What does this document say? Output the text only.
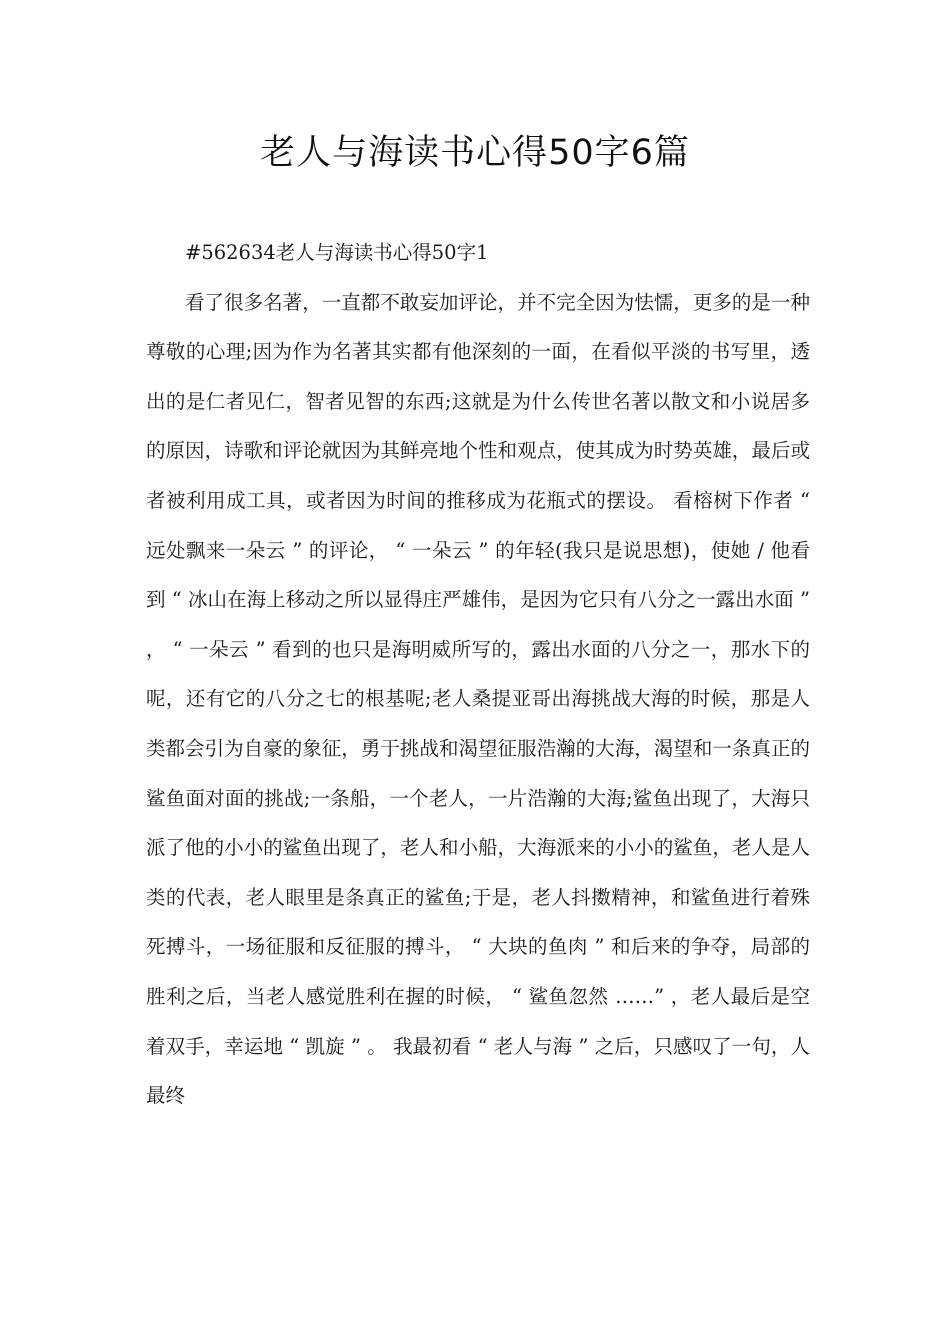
老人与海读书心得50字6篇

#562634老人与海读书心得50字1

看了很多名著，一直都不敢妄加评论，并不完全因为怯懦，更多的是一种尊敬的心理;因为作为名著其实都有他深刻的一面，在看似平淡的书写里，透出的是仁者见仁，智者见智的东西;这就是为什么传世名著以散文和小说居多的原因，诗歌和评论就因为其鲜亮地个性和观点，使其成为时势英雄，最后或者被利用成工具，或者因为时间的推移成为花瓶式的摆设。 看榕树下作者 “ 远处飘来一朵云 ” 的评论， “ 一朵云 ” 的年轻(我只是说思想)，使她 / 他看到 “ 冰山在海上移动之所以显得庄严雄伟，是因为它只有八分之一露出水面 ” ， “ 一朵云 ” 看到的也只是海明威所写的，露出水面的八分之一，那水下的呢，还有它的八分之七的根基呢;老人桑提亚哥出海挑战大海的时候，那是人类都会引为自豪的象征，勇于挑战和渴望征服浩瀚的大海，渴望和一条真正的鲨鱼面对面的挑战;一条船，一个老人，一片浩瀚的大海;鲨鱼出现了，大海只派了他的小小的鲨鱼出现了，老人和小船，大海派来的小小的鲨鱼，老人是人类的代表，老人眼里是条真正的鲨鱼;于是，老人抖擞精神，和鲨鱼进行着殊死搏斗，一场征服和反征服的搏斗， “ 大块的鱼肉 ” 和后来的争夺，局部的胜利之后，当老人感觉胜利在握的时候， “ 鲨鱼忽然 ……” ，老人最后是空着双手，幸运地 “ 凯旋 ” 。 我最初看 “ 老人与海 ” 之后，只感叹了一句，人最终
